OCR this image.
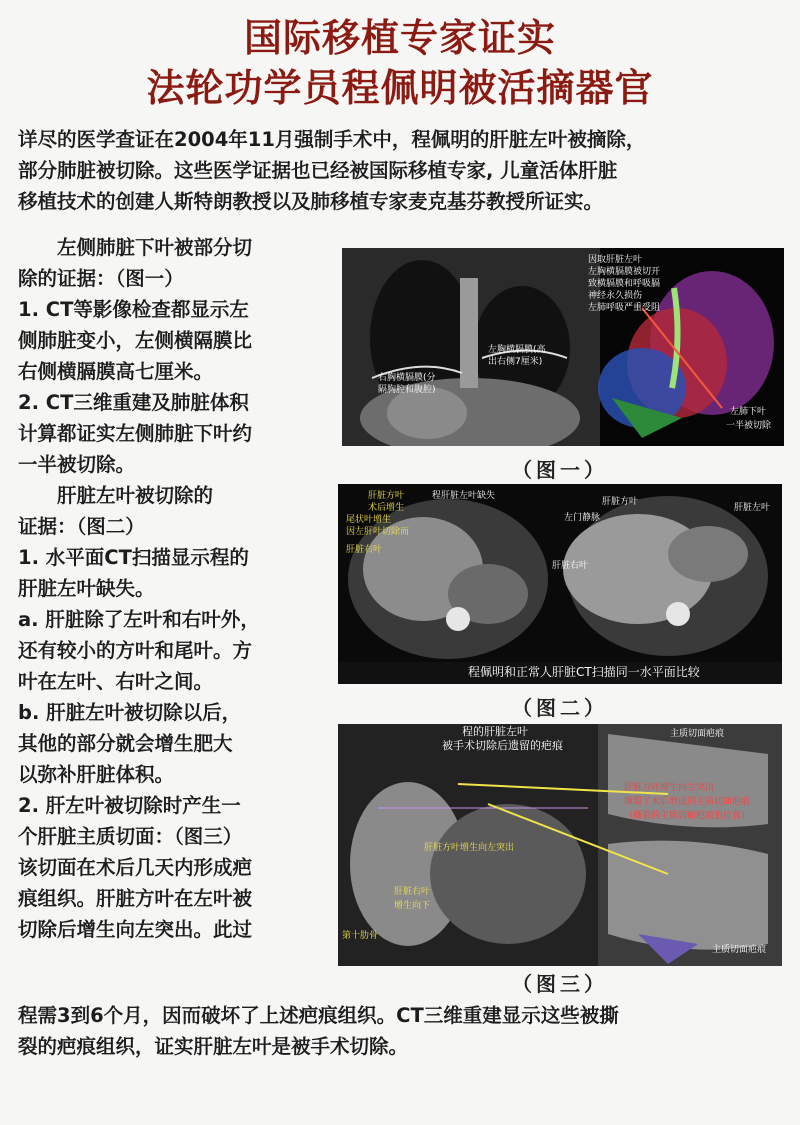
国际移植专家证实
法轮功学员程佩明被活摘器官
详尽的医学查证在2004年11月强制手术中，程佩明的肝脏左叶被摘除，
部分肺脏被切除。这些医学证据也已经被国际移植专家, 儿童活体肝脏
移植技术的创建人斯特朗教授以及肺移植专家麦克基芬教授所证实。
　　左侧肺脏下叶被部分切
除的证据：（图一）
1. CT等影像检查都显示左
侧肺脏变小，左侧横隔膜比
右侧横膈膜高七厘米。
2. CT三维重建及肺脏体积
计算都证实左侧肺脏下叶约
一半被切除。
　　肝脏左叶被切除的
证据：（图二）
1. 水平面CT扫描显示程的
肝脏左叶缺失。
a. 肝脏除了左叶和右叶外，
还有较小的方叶和尾叶。方
叶在左叶、右叶之间。
b. 肝脏左叶被切除以后，
其他的部分就会增生肥大
以弥补肝脏体积。
2. 肝左叶被切除时产生一
个肝脏主质切面：（图三）
该切面在术后几天内形成疤
痕组织。肝脏方叶在左叶被
切除后增生向左突出。此过
程需3到6个月，因而破坏了上述疤痕组织。CT三维重建显示这些被撕
裂的疤痕组织，证实肝脏左叶是被手术切除。
右胸横膈膜(分
隔胸腔和腹腔)
左胸横膈膜(高
出右侧7厘米)
因取肝脏左叶
左胸横膈膜被切开
致横膈膜和呼吸膈
神经永久损伤
左肺呼吸严重受阻
左肺下叶
一半被切除
（图一）
肝脏方叶
术后增生
尾状叶增生
因左肝叶切除而
肝脏右叶
程肝脏左叶缺失
肝脏方叶
左门静脉
肝脏右叶
肝脏左叶
程佩明和正常人肝脏CT扫描同一水平面比较
（图二）
程的肝脏左叶
被手术切除后遗留的疤痕
主质切面疤痕
肝脏方叶增生向左突出
撕裂了术后形成的主质切面疤痕
（撕裂的主质切面疤痕也位置）
肝脏方叶增生向左突出
肝脏右叶
增生向下
第十肋骨
主质切面疤痕
（图三）
